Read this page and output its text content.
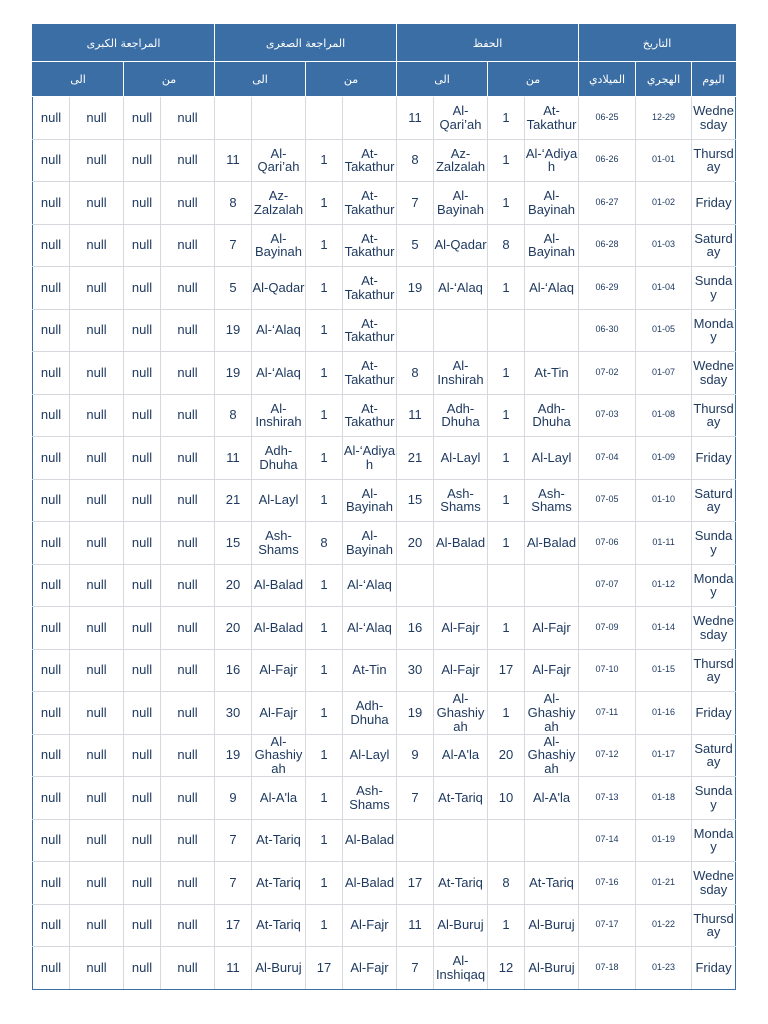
المراجعة الكبرى				المراجعة الصغرى				الحفظ				التاريخ		
الى		من		الى		من		الى		من		الميلادي	الهجري	اليوم
null	null	null	null					11	Al-Qari’ah	1	At-Takathur	06-25	12-29	Wednesday
null	null	null	null	11	Al-Qari’ah	1	At-Takathur	8	Az-Zalzalah	1	Al-‘Adiyah	06-26	01-01	Thursday
null	null	null	null	8	Az-Zalzalah	1	At-Takathur	7	Al-Bayinah	1	Al-Bayinah	06-27	01-02	Friday
null	null	null	null	7	Al-Bayinah	1	At-Takathur	5	Al-Qadar	8	Al-Bayinah	06-28	01-03	Saturday
null	null	null	null	5	Al-Qadar	1	At-Takathur	19	Al-‘Alaq	1	Al-‘Alaq	06-29	01-04	Sunday
null	null	null	null	19	Al-‘Alaq	1	At-Takathur					06-30	01-05	Monday
null	null	null	null	19	Al-‘Alaq	1	At-Takathur	8	Al-Inshirah	1	At-Tin	07-02	01-07	Wednesday
null	null	null	null	8	Al-Inshirah	1	At-Takathur	11	Adh-Dhuha	1	Adh-Dhuha	07-03	01-08	Thursday
null	null	null	null	11	Adh-Dhuha	1	Al-‘Adiyah	21	Al-Layl	1	Al-Layl	07-04	01-09	Friday
null	null	null	null	21	Al-Layl	1	Al-Bayinah	15	Ash-Shams	1	Ash-Shams	07-05	01-10	Saturday
null	null	null	null	15	Ash-Shams	8	Al-Bayinah	20	Al-Balad	1	Al-Balad	07-06	01-11	Sunday
null	null	null	null	20	Al-Balad	1	Al-‘Alaq					07-07	01-12	Monday
null	null	null	null	20	Al-Balad	1	Al-‘Alaq	16	Al-Fajr	1	Al-Fajr	07-09	01-14	Wednesday
null	null	null	null	16	Al-Fajr	1	At-Tin	30	Al-Fajr	17	Al-Fajr	07-10	01-15	Thursday
null	null	null	null	30	Al-Fajr	1	Adh-Dhuha	19	Al-Ghashiyah	1	Al-Ghashiyah	07-11	01-16	Friday
null	null	null	null	19	Al-Ghashiyah	1	Al-Layl	9	Al-A'la	20	Al-Ghashiyah	07-12	01-17	Saturday
null	null	null	null	9	Al-A'la	1	Ash-Shams	7	At-Tariq	10	Al-A'la	07-13	01-18	Sunday
null	null	null	null	7	At-Tariq	1	Al-Balad					07-14	01-19	Monday
null	null	null	null	7	At-Tariq	1	Al-Balad	17	At-Tariq	8	At-Tariq	07-16	01-21	Wednesday
null	null	null	null	17	At-Tariq	1	Al-Fajr	11	Al-Buruj	1	Al-Buruj	07-17	01-22	Thursday
null	null	null	null	11	Al-Buruj	17	Al-Fajr	7	Al-Inshiqaq	12	Al-Buruj	07-18	01-23	Friday
